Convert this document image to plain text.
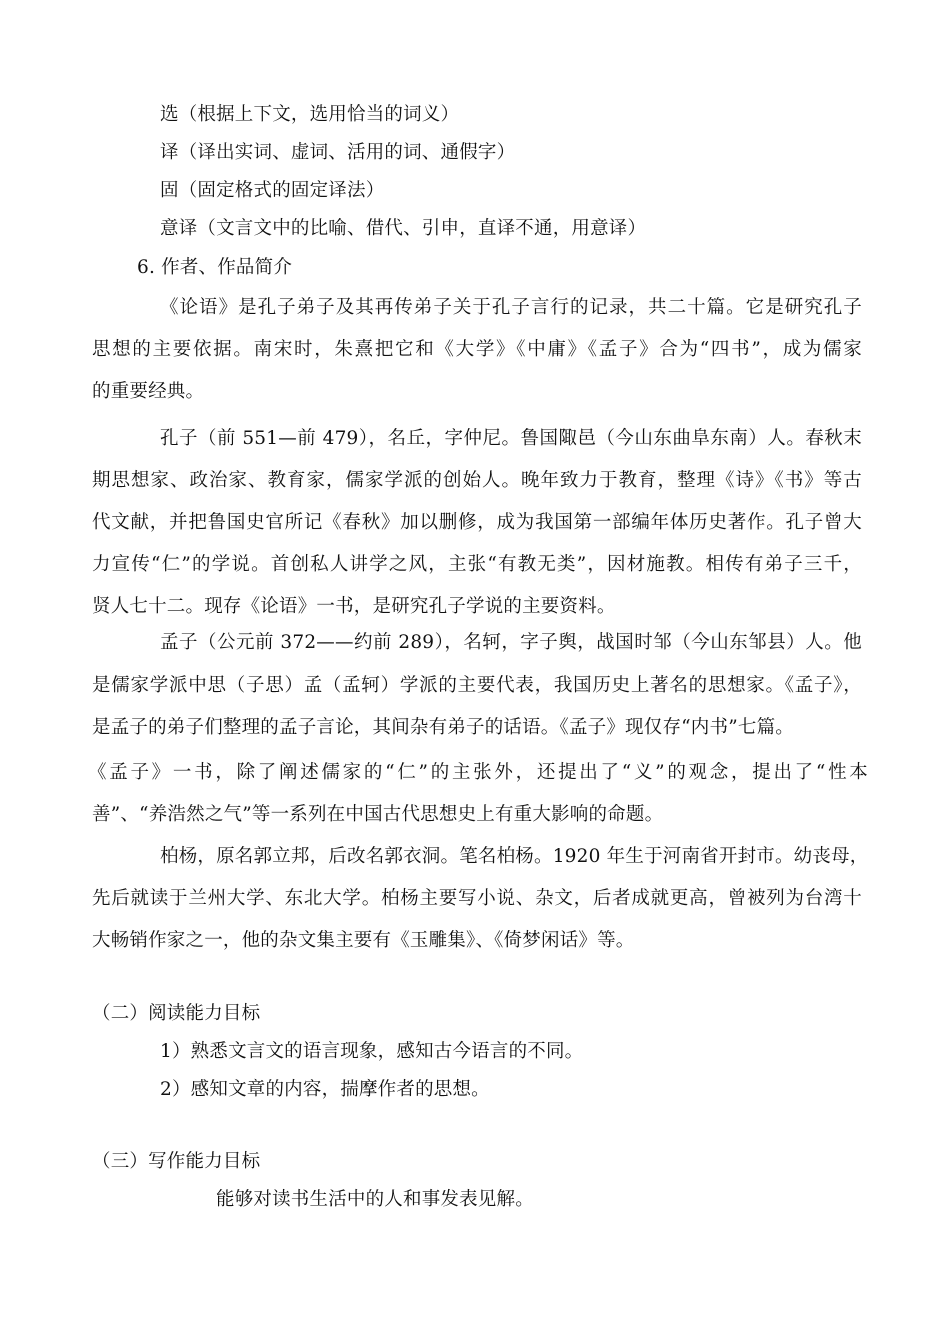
选（根据上下文，选用恰当的词义）
译（译出实词、虚词、活用的词、通假字）
固（固定格式的固定译法）
意译（文言文中的比喻、借代、引申，直译不通，用意译）
6. 作者、作品简介
《论语》是孔子弟子及其再传弟子关于孔子言行的记录，共二十篇。它是研究孔子
思想的主要依据。南宋时，朱熹把它和《大学》《中庸》《孟子》合为“四书”，成为儒家
的重要经典。
孔子（前 551—前 479），名丘，字仲尼。鲁国陬邑（今山东曲阜东南）人。春秋末
期思想家、政治家、教育家，儒家学派的创始人。晚年致力于教育，整理《诗》《书》等古
代文献，并把鲁国史官所记《春秋》加以删修，成为我国第一部编年体历史著作。孔子曾大
力宣传“仁”的学说。首创私人讲学之风，主张“有教无类”，因材施教。相传有弟子三千，
贤人七十二。现存《论语》一书，是研究孔子学说的主要资料。
孟子（公元前 372——约前 289），名轲，字子舆，战国时邹（今山东邹县）人。他
是儒家学派中思（子思）孟（孟轲）学派的主要代表，我国历史上著名的思想家。《孟子》，
是孟子的弟子们整理的孟子言论，其间杂有弟子的话语。《孟子》现仅存“内书”七篇。
《孟子》一书，除了阐述儒家的“仁”的主张外，还提出了“义”的观念，提出了“性本
善”、“养浩然之气”等一系列在中国古代思想史上有重大影响的命题。
柏杨，原名郭立邦，后改名郭衣洞。笔名柏杨。1920 年生于河南省开封市。幼丧母，
先后就读于兰州大学、东北大学。柏杨主要写小说、杂文，后者成就更高，曾被列为台湾十
大畅销作家之一，他的杂文集主要有《玉雕集》、《倚梦闲话》等。
（二）阅读能力目标
1）熟悉文言文的语言现象，感知古今语言的不同。
2）感知文章的内容，揣摩作者的思想。
（三）写作能力目标
能够对读书生活中的人和事发表见解。
